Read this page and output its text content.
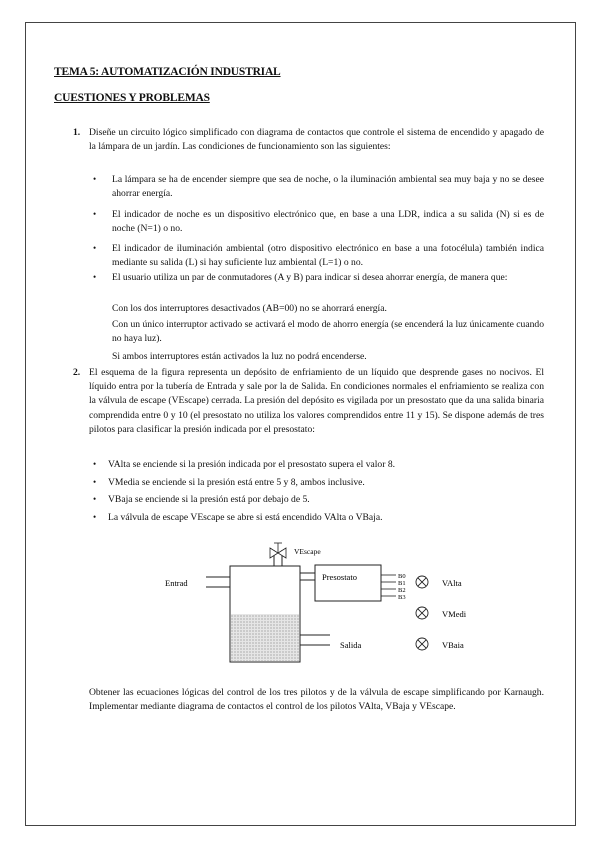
TEMA 5: AUTOMATIZACIÓN INDUSTRIAL
CUESTIONES Y PROBLEMAS
1. Diseñe un circuito lógico simplificado con diagrama de contactos que controle el sistema de encendido y apagado de la lámpara de un jardín. Las condiciones de funcionamiento son las siguientes:
• La lámpara se ha de encender siempre que sea de noche, o la iluminación ambiental sea muy baja y no se desee ahorrar energía.
• El indicador de noche es un dispositivo electrónico que, en base a una LDR, indica a su salida (N) si es de noche (N=1) o no.
• El indicador de iluminación ambiental (otro dispositivo electrónico en base a una fotocélula) también indica mediante su salida (L) si hay suficiente luz ambiental (L=1) o no.
• El usuario utiliza un par de conmutadores (A y B) para indicar si desea ahorrar energía, de manera que:
Con los dos interruptores desactivados (AB=00) no se ahorrará energía.
Con un único interruptor activado se activará el modo de ahorro energía (se encenderá la luz únicamente cuando no haya luz).
Si ambos interruptores están activados la luz no podrá encenderse.
2. El esquema de la figura representa un depósito de enfriamiento de un líquido que desprende gases no nocivos. El líquido entra por la tubería de Entrada y sale por la de Salida. En condiciones normales el enfriamiento se realiza con la válvula de escape (VEscape) cerrada. La presión del depósito es vigilada por un presostato que da una salida binaria comprendida entre 0 y 10 (el presostato no utiliza los valores comprendidos entre 11 y 15). Se dispone además de tres pilotos para clasificar la presión indicada por el presostato:
• VAlta se enciende si la presión indicada por el presostato supera el valor 8.
• VMedia se enciende si la presión está entre 5 y 8, ambos inclusive.
• VBaja se enciende si la presión está por debajo de 5.
• La válvula de escape VEscape se abre si está encendido VAlta o VBaja.
Entrad
VEscape
Presostato	B0
B1
B2
B3
Salida
VAlta
VMedi
VBaia
Obtener las ecuaciones lógicas del control de los tres pilotos y de la válvula de escape simplificando por Karnaugh. Implementar mediante diagrama de contactos el control de los pilotos VAlta, VBaja y VEscape.
